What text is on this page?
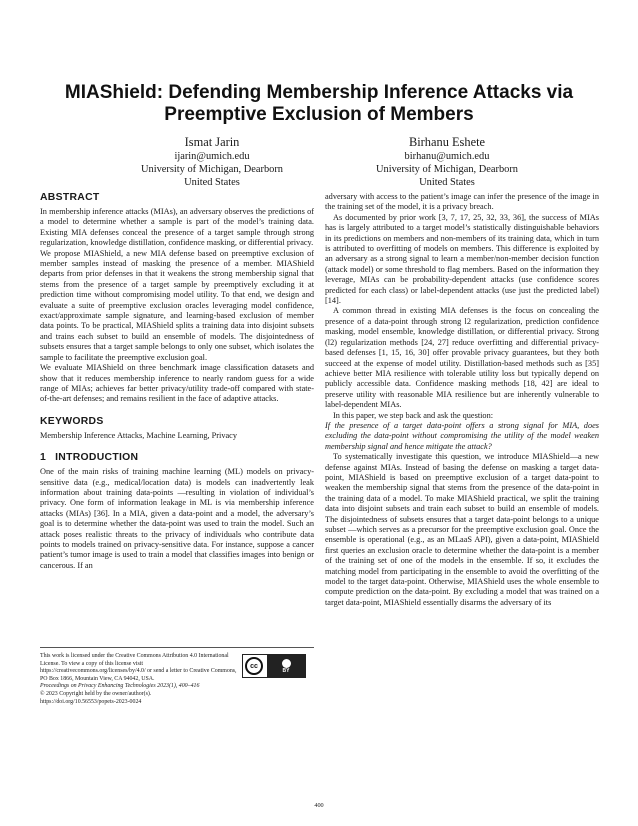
MIAShield: Defending Membership Inference Attacks via Preemptive Exclusion of Members
Ismat Jarin
ijarin@umich.edu
University of Michigan, Dearborn
United States
Birhanu Eshete
birhanu@umich.edu
University of Michigan, Dearborn
United States
ABSTRACT

In membership inference attacks (MIAs), an adversary observes the predictions of a model to determine whether a sample is part of the model’s training data. Existing MIA defenses conceal the presence of a target sample through strong regularization, knowledge distillation, confidence masking, or differential privacy.

We propose MIAShield, a new MIA defense based on preemptive exclusion of member samples instead of masking the presence of a member. MIAShield departs from prior defenses in that it weakens the strong membership signal that stems from the presence of a target sample by preemptively excluding it at prediction time without compromising model utility. To that end, we design and evaluate a suite of preemptive exclusion oracles leveraging model confidence, exact/approximate sample signature, and learning-based exclusion of member data points. To be practical, MIAShield splits a training data into disjoint subsets and trains each subset to build an ensemble of models. The disjointedness of subsets ensures that a target sample belongs to only one subset, which isolates the sample to facilitate the preemptive exclusion goal.

We evaluate MIAShield on three benchmark image classification datasets and show that it reduces membership inference to nearly random guess for a wide range of MIAs; achieves far better privacy/utility trade-off compared with state-of-the-art defenses; and remains resilient in the face of adaptive attacks.

KEYWORDS

Membership Inference Attacks, Machine Learning, Privacy

1 INTRODUCTION

One of the main risks of training machine learning (ML) models on privacy-sensitive data (e.g., medical/location data) is models can inadvertently leak information about training data-points —resulting in violation of individual’s privacy. One form of information leakage in ML is via membership inference attacks (MIAs) [36]. In a MIA, given a data-point and a model, the adversary’s goal is to determine whether the data-point was used to train the model. Such an attack poses realistic threats to the privacy of individuals who contribute data points to models trained on privacy-sensitive data. For instance, suppose a cancer patient’s tumor image is used to train a model that classifies images into benign or cancerous. If an

adversary with access to the patient’s image can infer the presence of the image in the training set of the model, it is a privacy breach.

As documented by prior work [3, 7, 17, 25, 32, 33, 36], the success of MIAs has is largely attributed to a target model’s statistically distinguishable behaviors in its predictions on members and non-members of its training data, which in turn is attributed to overfitting of models on members. This difference is exploited by an adversary as a strong signal to learn a member/non-member decision function (attack model) or some threshold to flag members. Based on the information they leverage, MIAs can be probability-dependent attacks (use confidence scores predicted for each class) or label-dependent attacks (use just the predicted label) [14].

A common thread in existing MIA defenses is the focus on concealing the presence of a data-point through strong l2 regularization, prediction confidence masking, model ensemble, knowledge distillation, or differential privacy. Strong (l2) regularization methods [24, 27] reduce overfitting and differential privacy-based defenses [1, 15, 16, 30] offer provable privacy guarantees, but they both succeed at the expense of model utility. Distillation-based methods such as [35] achieve better MIA resilience with tolerable utility loss but typically depend on publicly accessible data. Confidence masking methods [18, 42] are ideal to preserve utility with reasonable MIA resilience but are inherently vulnerable to label-dependent MIAs.

In this paper, we step back and ask the question:

If the presence of a target data-point offers a strong signal for MIA, does excluding the data-point without compromising the utility of the model weaken membership signal and hence mitigate the attack?

To systematically investigate this question, we introduce MIAShield—a new defense against MIAs. Instead of basing the defense on masking a target data-point, MIAShield is based on preemptive exclusion of a target data-point to weaken the membership signal that stems from the presence of the data-point in the training data of a model. To make MIAShield practical, we split the training data into disjoint subsets and train each subset to build an ensemble of models. The disjointedness of subsets ensures that a target data-point belongs to a unique subset —which serves as a precursor for the preemptive exclusion goal. Once the ensemble is operational (e.g., as an MLaaS API), given a data-point, MIAShield first queries an exclusion oracle to determine whether the data-point is a member of the training set of one of the models in the ensemble. If so, it excludes the matching model from participating in the ensemble to avoid the overfitting of the model to the target data-point. Otherwise, MIAShield uses the whole ensemble to compute prediction on the data-point. By excluding a model that was trained on a target data-point, MIAShield essentially disarms the adversary of its

This work is licensed under the Creative Commons Attribution 4.0 International License. To view a copy of this license visit https://creativecommons.org/licenses/by/4.0/ or send a letter to Creative Commons, PO Box 1866, Mountain View, CA 94042, USA.

Proceedings on Privacy Enhancing Technologies 2023(1), 400–416

© 2023 Copyright held by the owner/author(s).

https://doi.org/10.56553/popets-2023-0024

cc
BY
400
